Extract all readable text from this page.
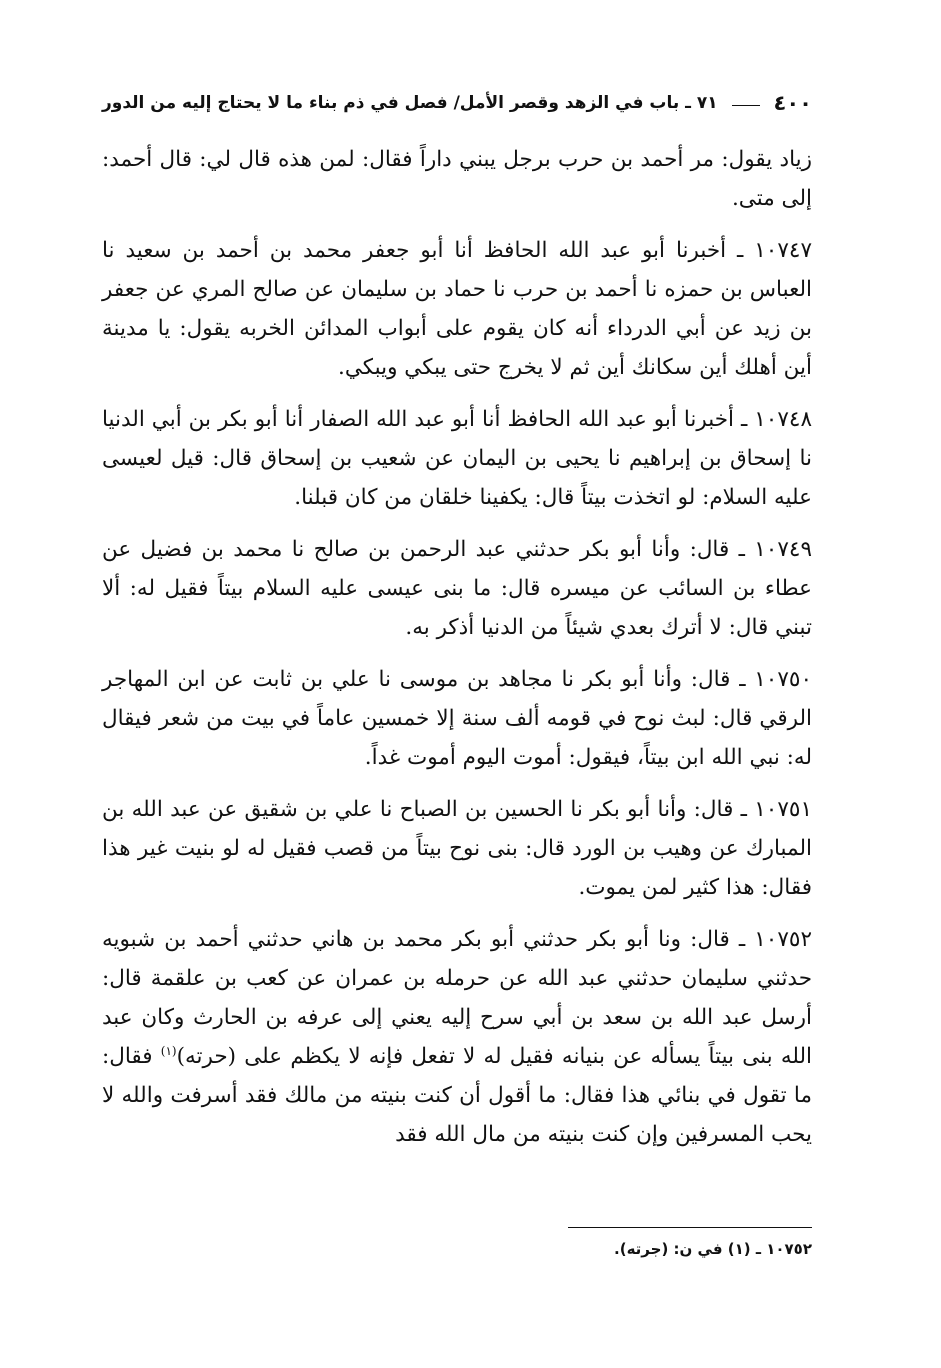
٤٠٠
٧١ ـ باب في الزهد وقصر الأمل/ فصل في ذم بناء ما لا يحتاج إليه من الدور

زياد يقول: مر أحمد بن حرب برجل يبني داراً فقال: لمن هذه قال لي: قال أحمد: إلى متى.

١٠٧٤٧ ـ أخبرنا أبو عبد الله الحافظ أنا أبو جعفر محمد بن أحمد بن سعيد نا العباس بن حمزه نا أحمد بن حرب نا حماد بن سليمان عن صالح المري عن جعفر بن زيد عن أبي الدرداء أنه كان يقوم على أبواب المدائن الخربه يقول: يا مدينة أين أهلك أين سكانك أين ثم لا يخرج حتى يبكي ويبكي.

١٠٧٤٨ ـ أخبرنا أبو عبد الله الحافظ أنا أبو عبد الله الصفار أنا أبو بكر بن أبي الدنيا نا إسحاق بن إبراهيم نا يحيى بن اليمان عن شعيب بن إسحاق قال: قيل لعيسى عليه السلام: لو اتخذت بيتاً قال: يكفينا خلقان من كان قبلنا.

١٠٧٤٩ ـ قال: وأنا أبو بكر حدثني عبد الرحمن بن صالح نا محمد بن فضيل عن عطاء بن السائب عن ميسره قال: ما بنى عيسى عليه السلام بيتاً فقيل له: ألا تبني قال: لا أترك بعدي شيئاً من الدنيا أذكر به.

١٠٧٥٠ ـ قال: وأنا أبو بكر نا مجاهد بن موسى نا علي بن ثابت عن ابن المهاجر الرقي قال: لبث نوح في قومه ألف سنة إلا خمسين عاماً في بيت من شعر فيقال له: نبي الله ابن بيتاً، فيقول: أموت اليوم أموت غداً.

١٠٧٥١ ـ قال: وأنا أبو بكر نا الحسين بن الصباح نا علي بن شقيق عن عبد الله بن المبارك عن وهيب بن الورد قال: بنى نوح بيتاً من قصب فقيل له لو بنيت غير هذا فقال: هذا كثير لمن يموت.

١٠٧٥٢ ـ قال: ونا أبو بكر حدثني أبو بكر محمد بن هاني حدثني أحمد بن شبويه حدثني سليمان حدثني عبد الله عن حرمله بن عمران عن كعب بن علقمة قال: أرسل عبد الله بن سعد بن أبي سرح إليه يعني إلى عرفه بن الحارث وكان عبد الله بنى بيتاً يسأله عن بنيانه فقيل له لا تفعل فإنه لا يكظم على (حرته)$^{(١)}$ فقال: ما تقول في بنائي هذا فقال: ما أقول أن كنت بنيته من مالك فقد أسرفت والله لا يحب المسرفين وإن كنت بنيته من مال الله فقد

١٠٧٥٢ ـ (١) في ن: (جرته).
